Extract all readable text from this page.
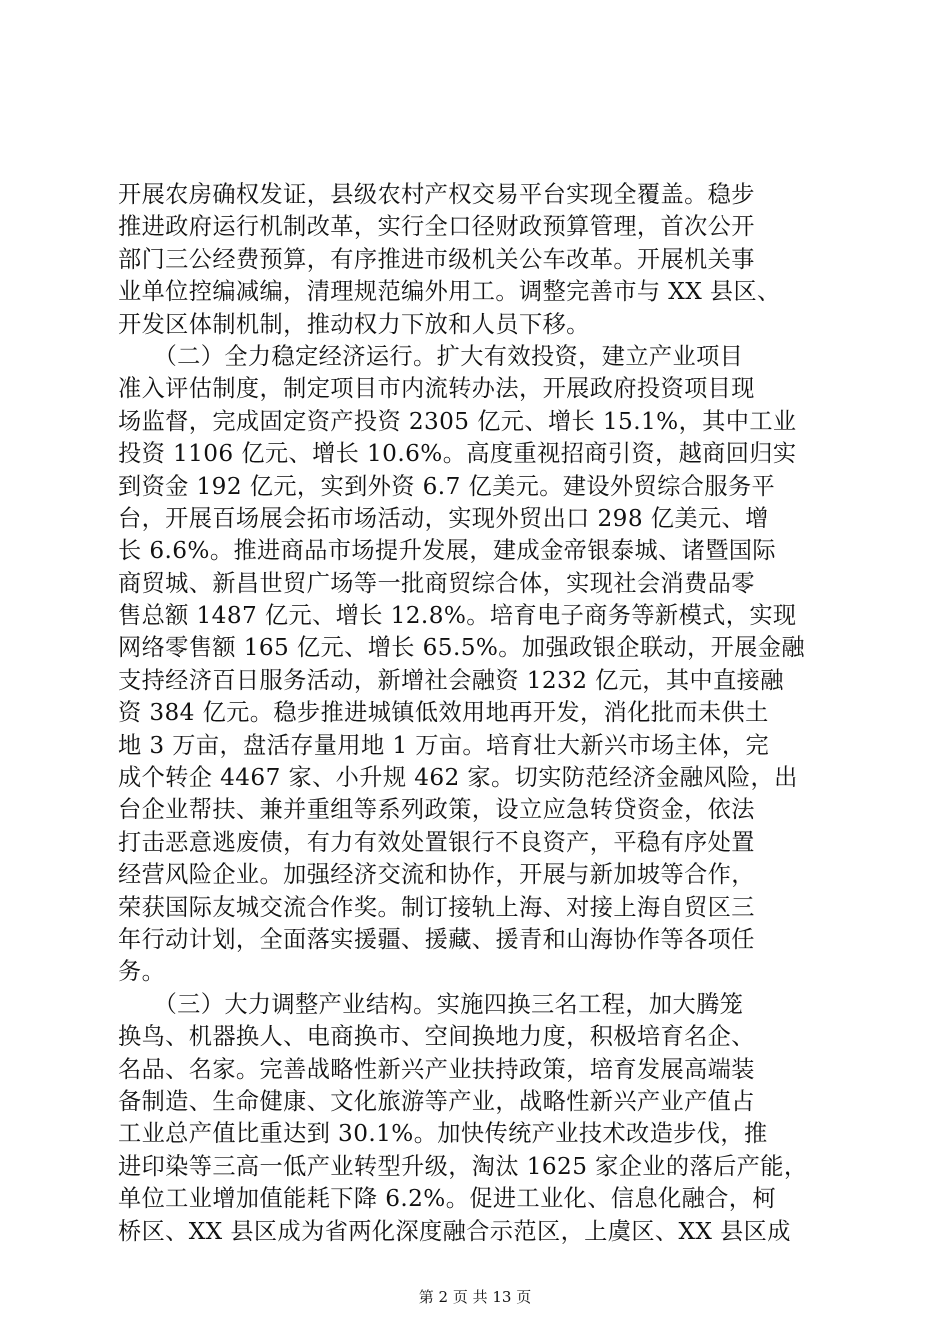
开展农房确权发证，县级农村产权交易平台实现全覆盖。稳步
推进政府运行机制改革，实行全口径财政预算管理，首次公开
部门三公经费预算，有序推进市级机关公车改革。开展机关事
业单位控编减编，清理规范编外用工。调整完善市与 XX 县区、
开发区体制机制，推动权力下放和人员下移。
　　（二）全力稳定经济运行。扩大有效投资，建立产业项目
准入评估制度，制定项目市内流转办法，开展政府投资项目现
场监督，完成固定资产投资 2305 亿元、增长 15.1%，其中工业
投资 1106 亿元、增长 10.6%。高度重视招商引资，越商回归实
到资金 192 亿元，实到外资 6.7 亿美元。建设外贸综合服务平
台，开展百场展会拓市场活动，实现外贸出口 298 亿美元、增
长 6.6%。推进商品市场提升发展，建成金帝银泰城、诸暨国际
商贸城、新昌世贸广场等一批商贸综合体，实现社会消费品零
售总额 1487 亿元、增长 12.8%。培育电子商务等新模式，实现
网络零售额 165 亿元、增长 65.5%。加强政银企联动，开展金融
支持经济百日服务活动，新增社会融资 1232 亿元，其中直接融
资 384 亿元。稳步推进城镇低效用地再开发，消化批而未供土
地 3 万亩，盘活存量用地 1 万亩。培育壮大新兴市场主体，完
成个转企 4467 家、小升规 462 家。切实防范经济金融风险，出
台企业帮扶、兼并重组等系列政策，设立应急转贷资金，依法
打击恶意逃废债，有力有效处置银行不良资产，平稳有序处置
经营风险企业。加强经济交流和协作，开展与新加坡等合作，
荣获国际友城交流合作奖。制订接轨上海、对接上海自贸区三
年行动计划，全面落实援疆、援藏、援青和山海协作等各项任
务。
　　（三）大力调整产业结构。实施四换三名工程，加大腾笼
换鸟、机器换人、电商换市、空间换地力度，积极培育名企、
名品、名家。完善战略性新兴产业扶持政策，培育发展高端装
备制造、生命健康、文化旅游等产业，战略性新兴产业产值占
工业总产值比重达到 30.1%。加快传统产业技术改造步伐，推
进印染等三高一低产业转型升级，淘汰 1625 家企业的落后产能，
单位工业增加值能耗下降 6.2%。促进工业化、信息化融合，柯
桥区、XX 县区成为省两化深度融合示范区，上虞区、XX 县区成
第 2 页 共 13 页
